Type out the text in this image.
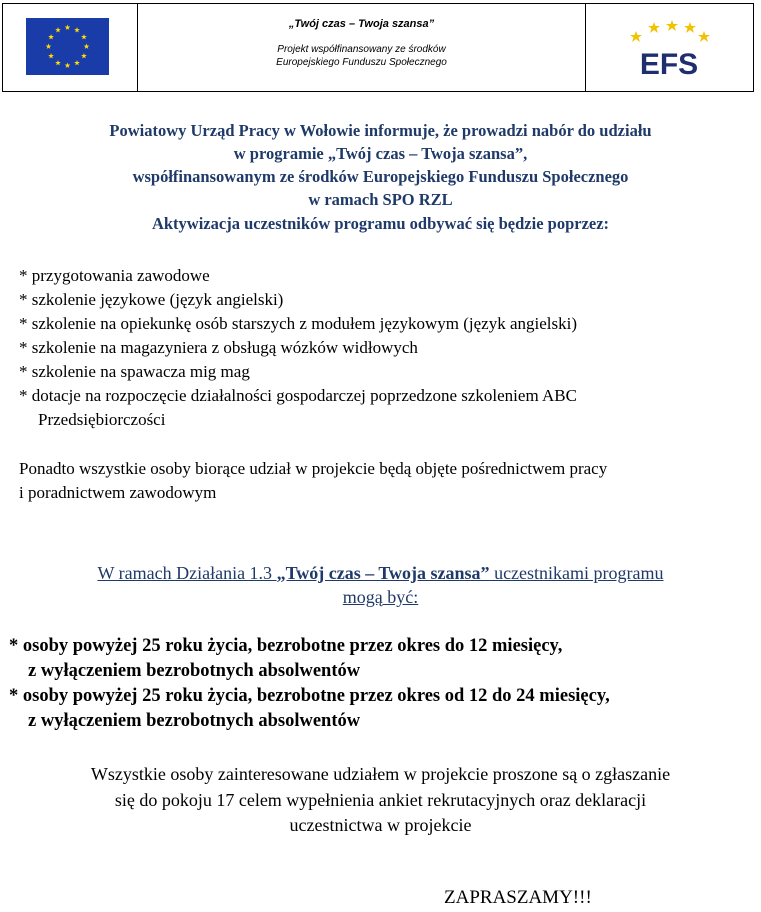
„Twój czas – Twoja szansa”
Projekt współfinansowany ze środków
Europejskiego Funduszu Społecznego	EFS
Powiatowy Urząd Pracy w Wołowie informuje, że prowadzi nabór do udziału
w programie „Twój czas – Twoja szansa”,
współfinansowanym ze środków Europejskiego Funduszu Społecznego
w ramach SPO RZL
Aktywizacja uczestników programu odbywać się będzie poprzez:
* przygotowania zawodowe
* szkolenie językowe (język angielski)
* szkolenie na opiekunkę osób starszych z modułem językowym (język angielski)
* szkolenie na magazyniera z obsługą wózków widłowych
* szkolenie na spawacza mig mag
* dotacje na rozpoczęcie działalności gospodarczej poprzedzone szkoleniem ABC
Przedsiębiorczości
Ponadto wszystkie osoby biorące udział w projekcie będą objęte pośrednictwem pracy
i poradnictwem zawodowym
W ramach Działania 1.3 „Twój czas – Twoja szansa” uczestnikami programu
mogą być:
* osoby powyżej 25 roku życia, bezrobotne przez okres do 12 miesięcy,
z wyłączeniem bezrobotnych absolwentów
* osoby powyżej 25 roku życia, bezrobotne przez okres od 12 do 24 miesięcy,
z wyłączeniem bezrobotnych absolwentów
Wszystkie osoby zainteresowane udziałem w projekcie proszone są o zgłaszanie
się do pokoju 17 celem wypełnienia ankiet rekrutacyjnych oraz deklaracji
uczestnictwa w projekcie
ZAPRASZAMY!!!
